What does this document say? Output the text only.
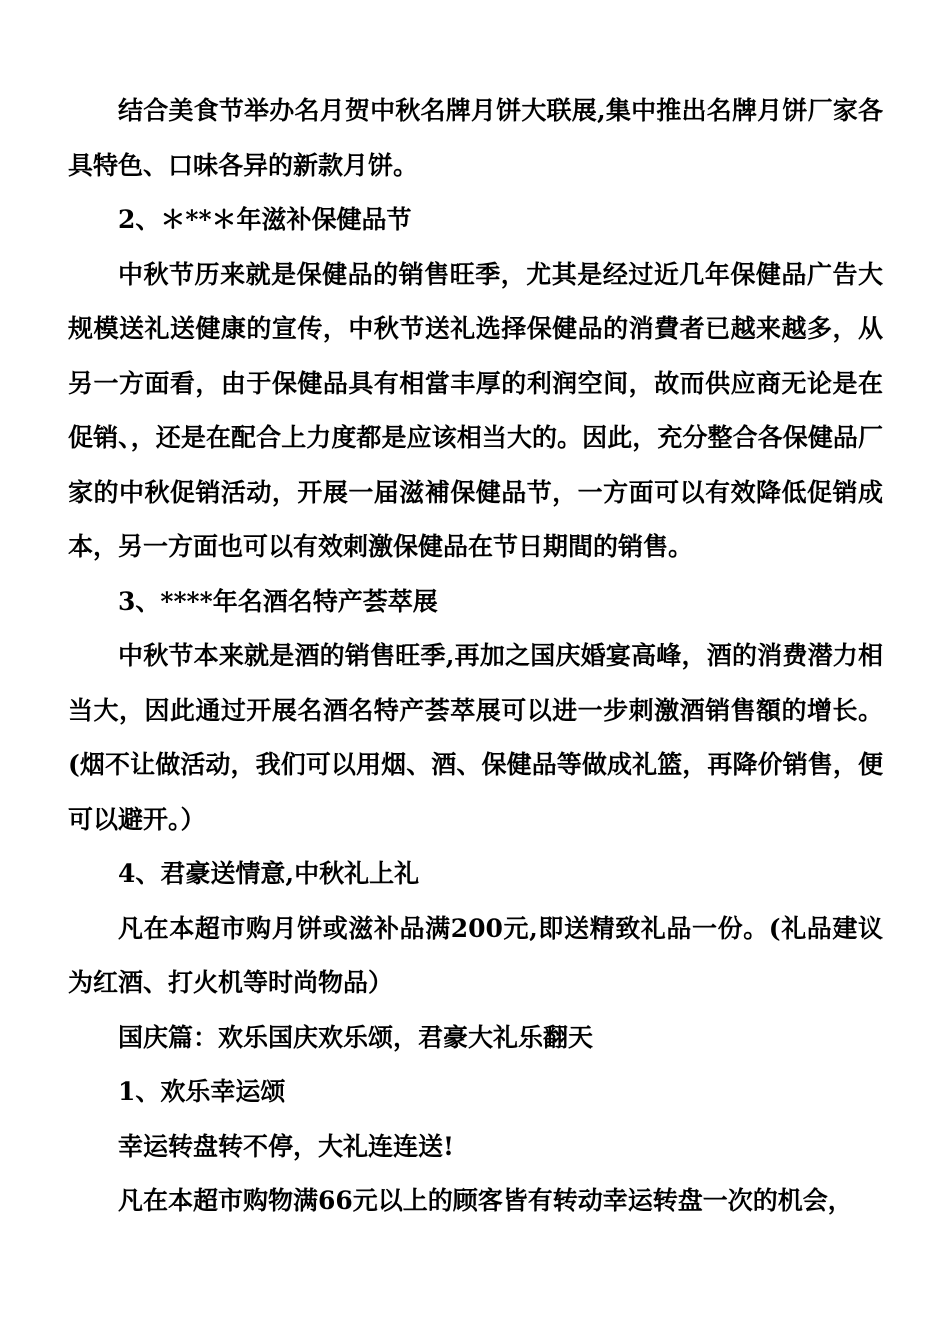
结合美食节举办名月贺中秋名牌月饼大联展,集中推出名牌月饼厂家各具特色、口味各异的新款月饼。

2、＊**＊年滋补保健品节

中秋节历来就是保健品的销售旺季，尤其是经过近几年保健品广告大规模送礼送健康的宣传，中秋节送礼选择保健品的消費者已越来越多，从另一方面看，由于保健品具有相當丰厚的利润空间，故而供应商无论是在促销、，还是在配合上力度都是应该相当大的。因此，充分整合各保健品厂家的中秋促销活动，开展一届滋補保健品节，一方面可以有效降低促销成本，另一方面也可以有效刺激保健品在节日期間的销售。

3、****年名酒名特产荟萃展

中秋节本来就是酒的销售旺季,再加之国庆婚宴高峰，酒的消费潜力相当大，因此通过开展名酒名特产荟萃展可以进一步刺激酒销售額的增长。(烟不让做活动，我们可以用烟、酒、保健品等做成礼篮，再降价销售，便可以避开。）

4、君豪送情意,中秋礼上礼

凡在本超市购月饼或滋补品满200元,即送精致礼品一份。(礼品建议为红酒、打火机等时尚物品）

国庆篇：欢乐国庆欢乐颂，君豪大礼乐翻天

1、欢乐幸运颂

幸运转盘转不停，大礼连连送!

凡在本超市购物满66元以上的顾客皆有转动幸运转盘一次的机会，
